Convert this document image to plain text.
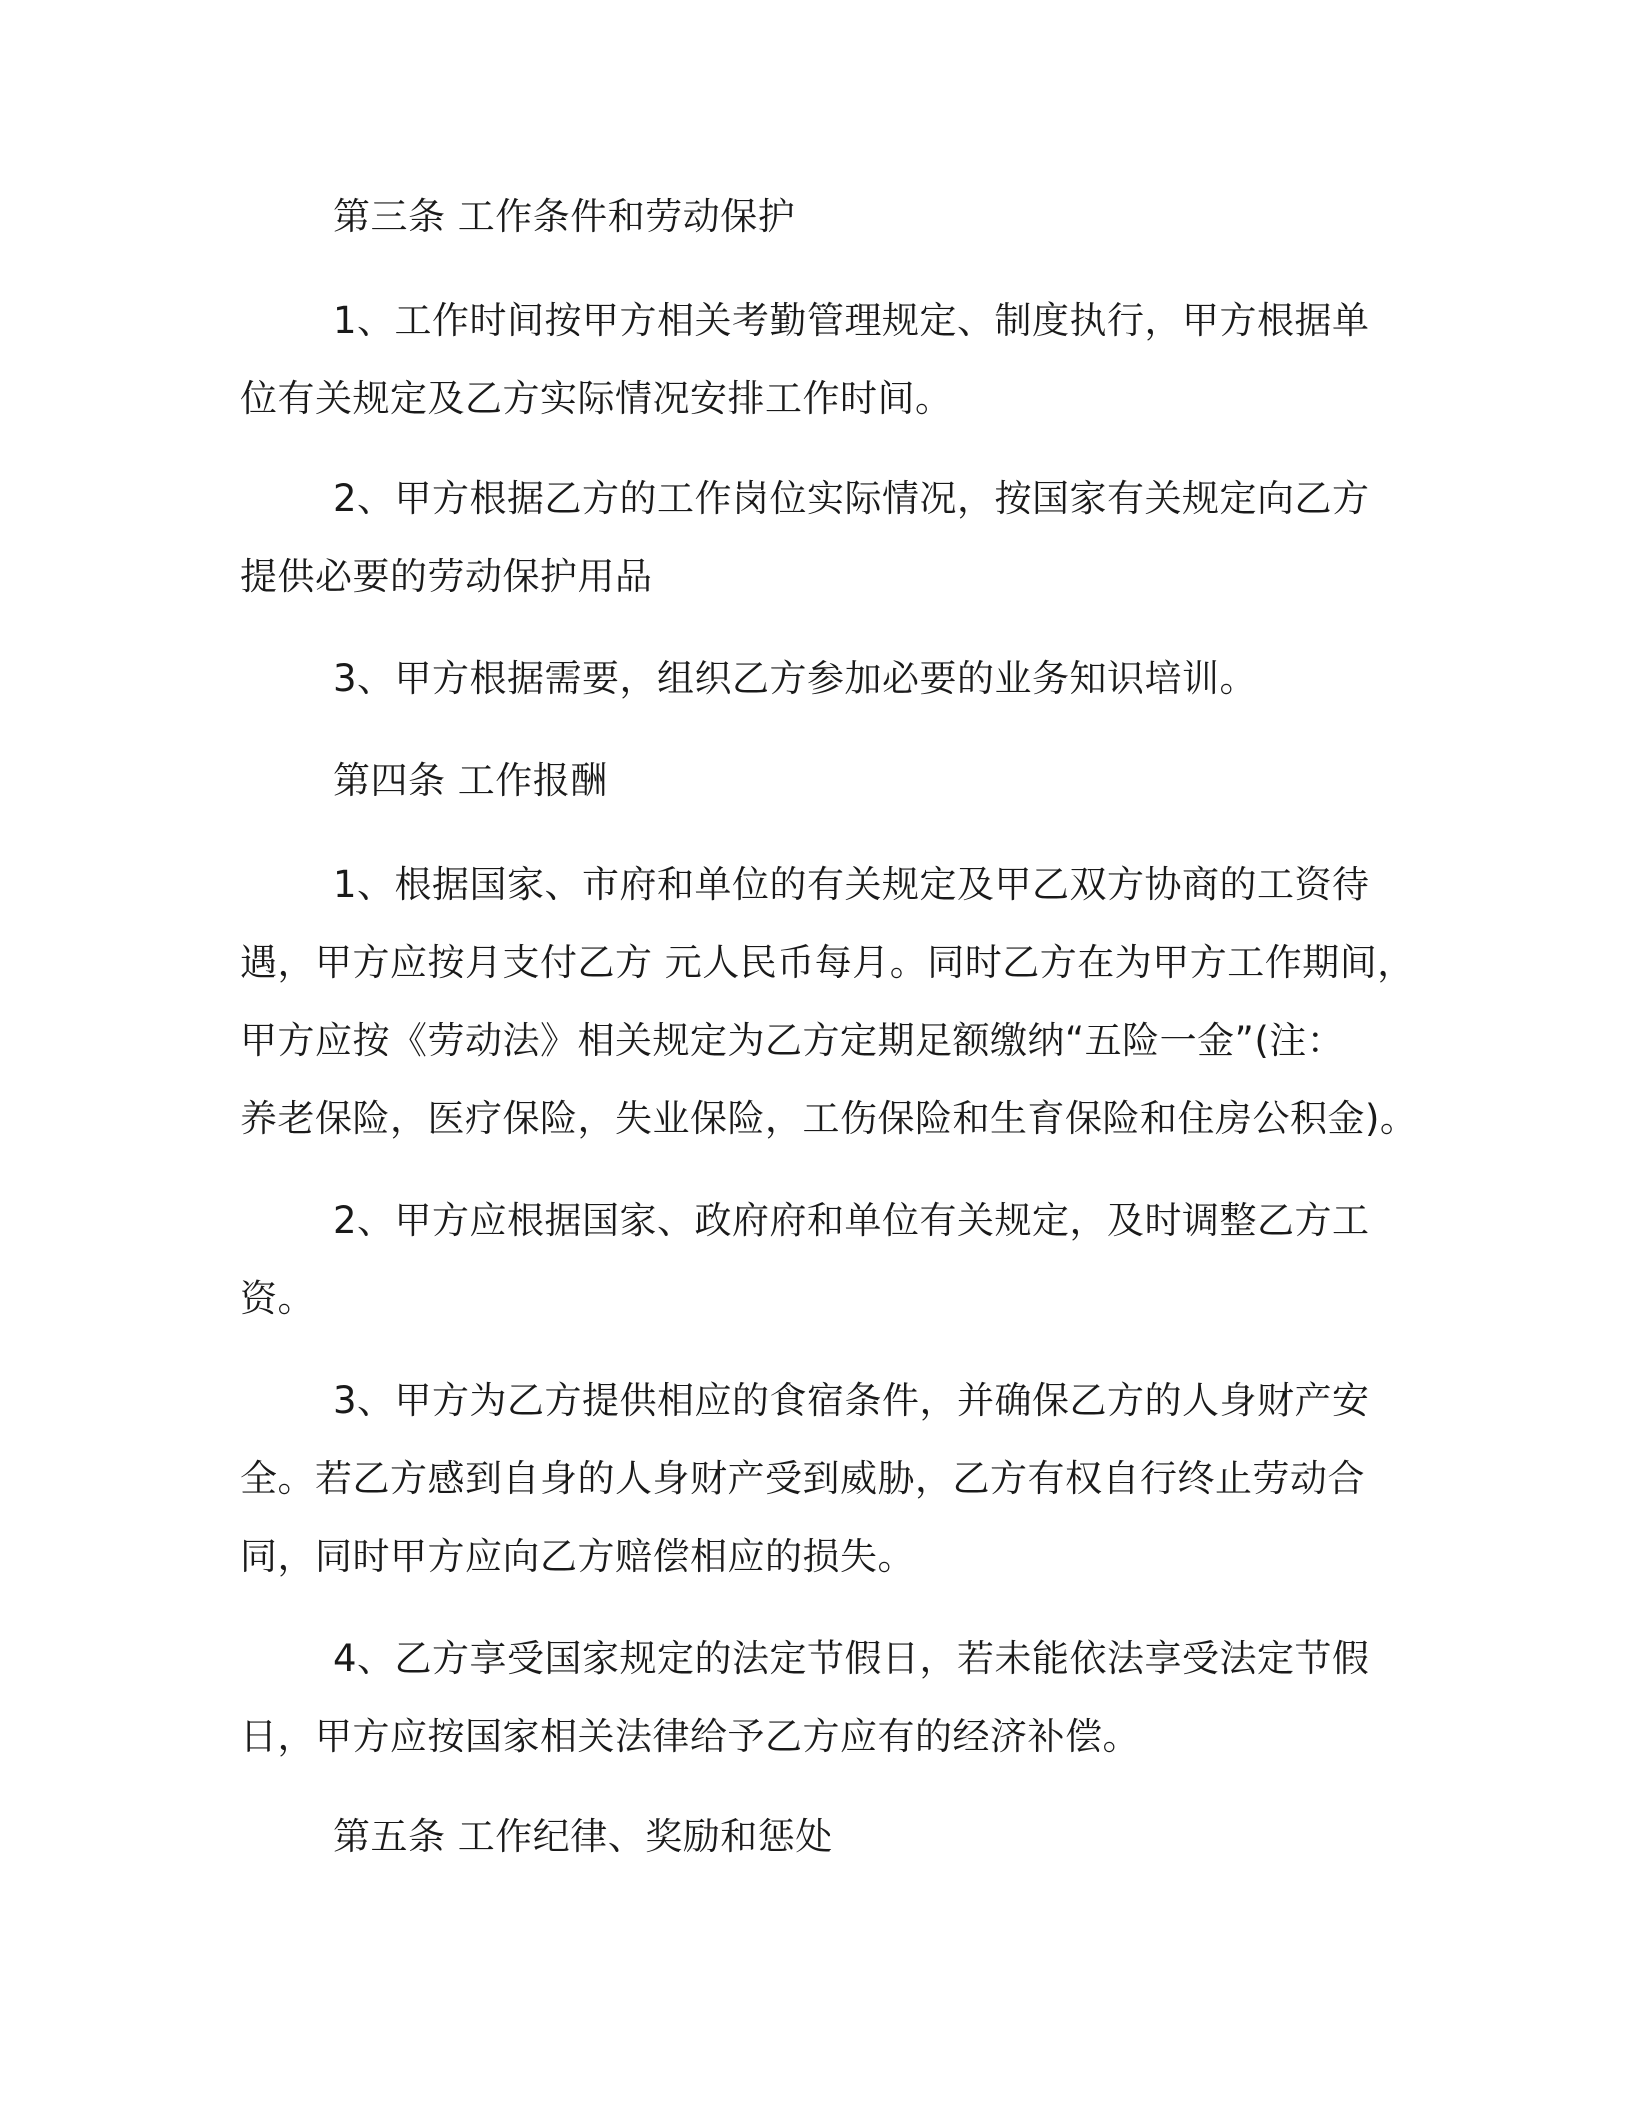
第三条 工作条件和劳动保护
1、工作时间按甲方相关考勤管理规定、制度执行，甲方根据单
位有关规定及乙方实际情况安排工作时间。
2、甲方根据乙方的工作岗位实际情况，按国家有关规定向乙方
提供必要的劳动保护用品
3、甲方根据需要，组织乙方参加必要的业务知识培训。
第四条 工作报酬
1、根据国家、市府和单位的有关规定及甲乙双方协商的工资待
遇，甲方应按月支付乙方 元人民币每月。同时乙方在为甲方工作期间，
甲方应按《劳动法》相关规定为乙方定期足额缴纳“五险一金”(注：
养老保险，医疗保险，失业保险，工伤保险和生育保险和住房公积金)。
2、甲方应根据国家、政府府和单位有关规定，及时调整乙方工
资。
3、甲方为乙方提供相应的食宿条件，并确保乙方的人身财产安
全。若乙方感到自身的人身财产受到威胁，乙方有权自行终止劳动合
同，同时甲方应向乙方赔偿相应的损失。
4、乙方享受国家规定的法定节假日，若未能依法享受法定节假
日，甲方应按国家相关法律给予乙方应有的经济补偿。
第五条 工作纪律、奖励和惩处
